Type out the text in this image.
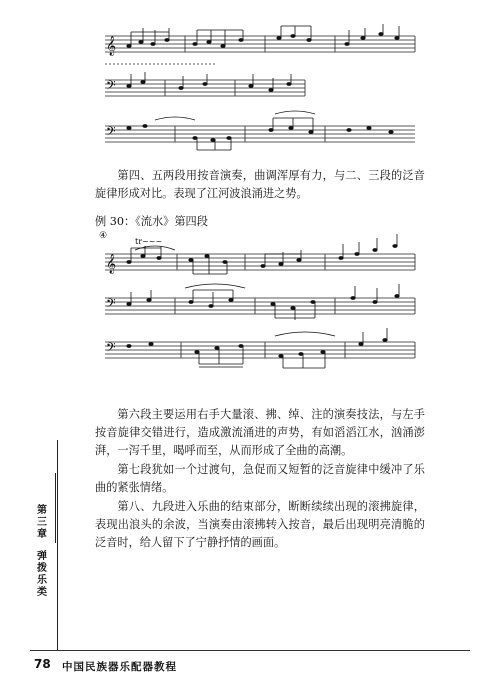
𝄞
𝄢
𝄢

第四、五两段用按音演奏，曲调浑厚有力，与二、三段的泛音旋律形成对比。表现了江河波浪涌进之势。

例 30：《流水》第四段
④
𝄞
𝄢
𝄢
tr~~~

第六段主要运用右手大量滚、拂、绰、注的演奏技法，与左手按音旋律交错进行，造成激流涌进的声势，有如滔滔江水，汹涌澎湃，一泻千里，喝呼而至，从而形成了全曲的高潮。

第七段犹如一个过渡句，急促而又短暂的泛音旋律中缓冲了乐曲的紧张情绪。

第八、九段进入乐曲的结束部分，断断续续出现的滚拂旋律，表现出浪头的余波，当演奏由滚拂转入按音，最后出现明亮清脆的泛音时，给人留下了宁静抒情的画面。

第
三
章
弹
拨
乐
类
78 中国民族器乐配器教程
